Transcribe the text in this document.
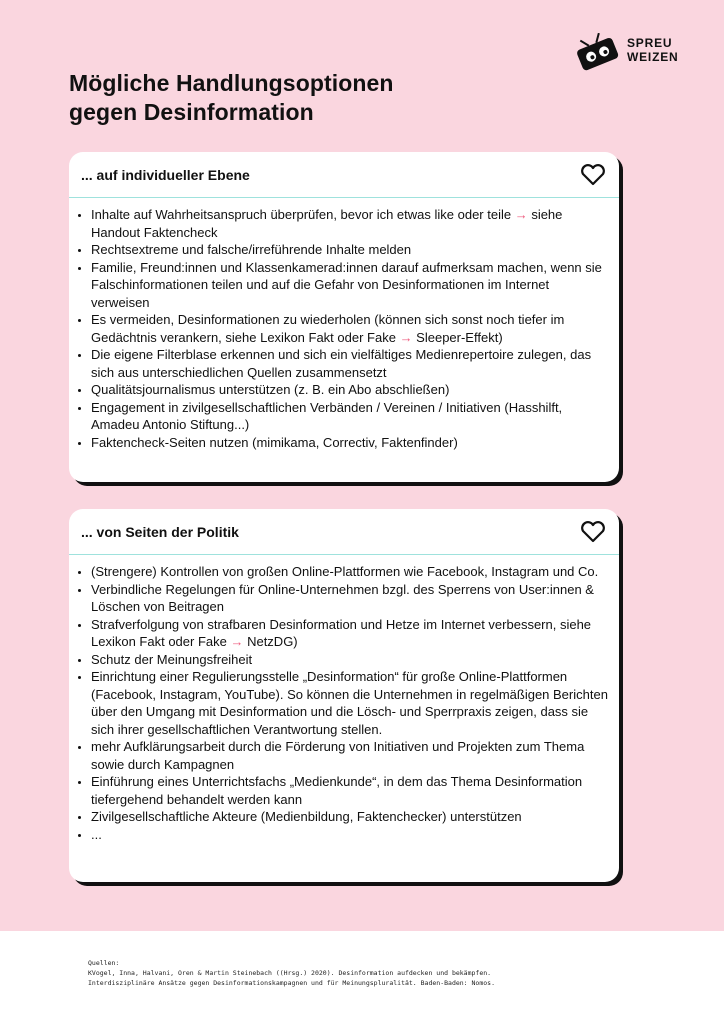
SPREU
WEIZEN
Mögliche Handlungsoptionen
gegen Desinformation
... auf individueller Ebene
• Inhalte auf Wahrheitsanspruch überprüfen, bevor ich etwas like oder teile → siehe Handout Faktencheck
• Rechtsextreme und falsche/irreführende Inhalte melden
• Familie, Freund:innen und Klassenkamerad:innen darauf aufmerksam machen, wenn sie Falschinformationen teilen und auf die Gefahr von Desinformationen im Internet verweisen
• Es vermeiden, Desinformationen zu wiederholen (können sich sonst noch tiefer im Gedächtnis verankern, siehe Lexikon Fakt oder Fake → Sleeper-Effekt)
• Die eigene Filterblase erkennen und sich ein vielfältiges Medienrepertoire zulegen, das sich aus unterschiedlichen Quellen zusammensetzt
• Qualitätsjournalismus unterstützen (z. B. ein Abo abschließen)
• Engagement in zivilgesellschaftlichen Verbänden / Vereinen / Initiativen (Hasshilft, Amadeu Antonio Stiftung...)
• Faktencheck-Seiten nutzen (mimikama, Correctiv, Faktenfinder)
... von Seiten der Politik
• (Strengere) Kontrollen von großen Online-Plattformen wie Facebook, Instagram und Co.
• Verbindliche Regelungen für Online-Unternehmen bzgl. des Sperrens von User:innen & Löschen von Beitragen
• Strafverfolgung von strafbaren Desinformation und Hetze im Internet verbessern, siehe Lexikon Fakt oder Fake → NetzDG)
• Schutz der Meinungsfreiheit
• Einrichtung einer Regulierungsstelle „Desinformation“ für große Online-Plattformen (Facebook, Instagram, YouTube). So können die Unternehmen in regelmäßigen Berichten über den Umgang mit Desinformation und die Lösch- und Sperrpraxis zeigen, dass sie sich ihrer gesellschaftlichen Verantwortung stellen.
• mehr Aufklärungsarbeit durch die Förderung von Initiativen und Projekten zum Thema sowie durch Kampagnen
• Einführung eines Unterrichtsfachs „Medienkunde“, in dem das Thema Desinformation tiefergehend behandelt werden kann
• Zivilgesellschaftliche Akteure (Medienbildung, Faktenchecker) unterstützen
• ...
Quellen:
KVogel, Inna, Halvani, Oren & Martin Steinebach ((Hrsg.) 2020). Desinformation aufdecken und bekämpfen.
Interdisziplinäre Ansätze gegen Desinformationskampagnen und für Meinungspluralität. Baden-Baden: Nomos.
